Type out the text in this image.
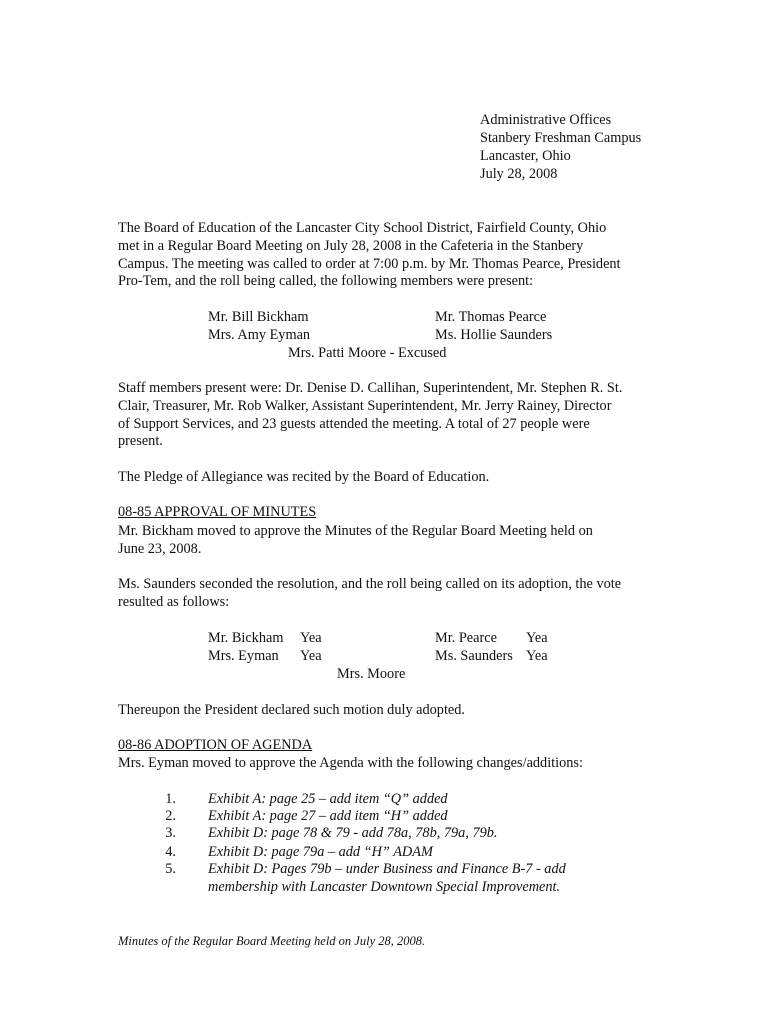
Administrative Offices
Stanbery Freshman Campus
Lancaster, Ohio
July 28, 2008
The Board of Education of the Lancaster City School District, Fairfield County, Ohio
met in a Regular Board Meeting on July 28, 2008 in the Cafeteria in the Stanbery
Campus. The meeting was called to order at 7:00 p.m. by Mr. Thomas Pearce, President
Pro-Tem, and the roll being called, the following members were present:
Mr. Bill Bickham
Mrs. Amy Eyman
Mr. Thomas Pearce
Ms. Hollie Saunders
Mrs. Patti Moore - Excused
Staff members present were: Dr. Denise D. Callihan, Superintendent, Mr. Stephen R. St.
Clair, Treasurer, Mr. Rob Walker, Assistant Superintendent, Mr. Jerry Rainey, Director
of Support Services, and 23 guests attended the meeting. A total of 27 people were
present.
The Pledge of Allegiance was recited by the Board of Education.
08-85 APPROVAL OF MINUTES
Mr. Bickham moved to approve the Minutes of the Regular Board Meeting held on
June 23, 2008.
Ms. Saunders seconded the resolution, and the roll being called on its adoption, the vote
resulted as follows:
Mr. Bickham Yea
Mrs. Eyman Yea
Mr. Pearce Yea
Ms. Saunders Yea
Mrs. Moore
Thereupon the President declared such motion duly adopted.
08-86 ADOPTION OF AGENDA
Mrs. Eyman moved to approve the Agenda with the following changes/additions:
1. Exhibit A: page 25 – add item “Q” added
2. Exhibit A: page 27 – add item “H” added
3. Exhibit D: page 78 & 79 - add 78a, 78b, 79a, 79b.
4. Exhibit D: page 79a – add “H” ADAM
5. Exhibit D: Pages 79b – under Business and Finance B-7 - add
membership with Lancaster Downtown Special Improvement.
Minutes of the Regular Board Meeting held on July 28, 2008.
